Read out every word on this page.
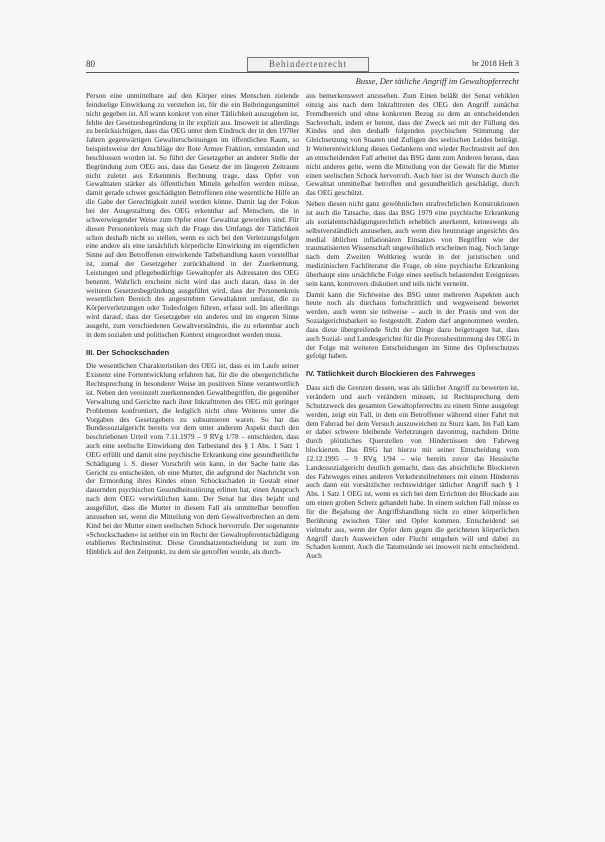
80	Behindertenrecht	br 2018 Heft 3
Busse, Der tätliche Angriff im Gewaltopferrecht

Person eine unmittelbare auf den Körper eines Menschen zielende feindselige Einwirkung zu verstehen ist, für die ein Beibringungsmittel nicht gegeben ist. All wann konkret von einer Tätlichkeit auszugehen ist, fehlte der Gesetzesbegründung in ihr explizit aus. Insoweit ist allerdings zu berücksichtigen, dass das OEG unter dem Eindruck der in den 1970er Jahren gegenwärtigen Gewalterscheinungen im öffentlichen Raum, so beispielsweise der Anschläge der Rote Armee Fraktion, entstanden und beschlossen worden ist. So führt der Gesetzgeber an anderer Stelle der Begründung zum OEG aus, dass das Gesetz der im längeren Zeitraum nicht zuletzt aus Erkenntnis Rechnung trage, dass Opfer von Gewalttaten stärker als öffentlichen Mitteln geholfen werden müsse, damit gerade schwer geschädigten Betroffenen eine wesentliche Hilfe an die Gabe der Gerechtigkeit zuteil werden könne. Damit lag der Fokus bei der Ausgestaltung des OEG erkennbar auf Menschen, die in schwerwiegender Weise zum Opfer einer Gewalttat geworden sind. Für diesen Personenkreis mag sich die Frage des Umfangs der Tätlichkeit schon deshalb nicht so stellen, wenn es sich bei den Verletzungsfolgen eine andere als eine tatsächlich körperliche Einwirkung im eigentlichen Sinne auf den Betroffenen einwirkende Tatbehandlung kaum vorstellbar ist, zumal der Gesetzgeber zurückhaltend in der Zuerkennung, Leistungen und pflegebedürftige Gewaltopfer als Adressaten des OEG benennt. Wahrlich erscheint nicht wird das auch daran, dass in der weiteren Gesetzesbegründung ausgeführt wird, dass der Personenkreis wesentlichen Bereich des angestrebten Gewaltakten umfasst, die zu Körperverletzungen oder Todesfolgen führen, erfasst soll. Im allerdings wird darauf, dass der Gesetzgeber ein anderes und im engeren Sinne ausgeht, zum verschiedenen Gewaltverständnis, die zu erkennbar auch in dem sozialen und politischen Kontext eingeordnet werden muss.

III. Der Schockschaden

Die wesentlichen Charakteristiken des OEG ist, dass es im Laufe seiner Existenz eine Fortentwicklung erfahren hat, für die die obergerichtliche Rechtsprechung in besonderer Weise im positiven Sinne verantwortlich ist. Neben den vereinzelt zuerkennenden Gewaltbegriffen, die gegenüber Verwaltung und Gerichte nach ihrer Inkrafttreten des OEG mit geringer Problemen konfrontiert, die lediglich nicht ohne Weiteres unter die Vorgaben des Gesetzgebers zu subsumieren waren. So hat das Bundessozialgericht bereits vor dem unter anderem Aspekt durch den beschriebenen Urteil vom 7.11.1979 – 9 RVg 1/78 – entschieden, dass auch eine seelische Einwirkung den Tatbestand des § 1 Abs. 1 Satz 1 OEG erfüllt und damit eine psychische Erkrankung eine gesundheitliche Schädigung i. S. dieser Vorschrift sein kann, in der Sache hatte das Gericht zu entscheiden, ob eine Mutter, die aufgrund der Nachricht von der Ermordung ihres Kindes einen Schockschaden in Gestalt einer dauernden psychischen Gesundheitsstörung erlitten hat, einen Anspruch nach dem OEG verwirklichen kann. Der Senat hat dies bejaht und ausgeführt, dass die Mutter in diesem Fall als unmittelbar betroffen anzusehen sei, wenn die Mitteilung von dem Gewaltverbrechen an dem Kind bei der Mutter einen seelischen Schock hervorrufe. Der sogenannte »Schockschaden« ist seither ein im Recht der Gewaltopferentschädigung etabliertes Rechtsinstitut. Diese Grundsatzentscheidung ist zum im Hinblick auf den Zeitpunkt, zu dem sie getroffen wurde, als durch-

aus bemerkenswert anzusehen. Zum Einen beläßt der Senat vehiklen einzig aus nach dem Inkrafttreten des OEG den Angriff zunächst Fremdbereich und ohne konkreten Bezug zu dem an entscheidenden Sachverhalt, indem er betont, dass der Zweck sei mit der Füllung des Kindes und den deshalb folgenden psychischen Stimmung der Gleichsetzung von Staaten und Zufügen des seelischen Leides beiträgt. Ir Weiterentwicklung dieses Gedankens und wieder Rechtsstreit auf den an entscheidenden Fall arbeitet das BSG dann zum Anderen heraus, dass nicht anderes gelte, wenn die Mitteilung von der Gewalt für die Mutter einen seelischen Schock hervorruft. Auch hier ist der Wunsch durch die Gewalttat unmittelbar betroffen und gesundheitlich geschädigt, durch das OEG geschützt.

Neben diesen nicht ganz gewöhnlichen strafrechtlichen Konstruktionen ist auch die Tatsache, dass das BSG 1979 eine psychische Erkrankung als sozialentschädigungsrechtlich erheblich anerkennt, keineswegs als selbstverständlich anzusehen, auch wenn dies heutzutage angesichts des medial üblichen inflationären Einsatzes von Begriffen wie der traumatisierten Wissenschaft ungewöhnlich erscheinen mag. Noch lange nach dem Zweiten Weltkrieg wurde in der juristischen und medizinischen Fachliteratur die Frage, ob eine psychische Erkrankung überhaupt eine ursächliche Folge eines seelisch belastenden Ereignisses sein kann, kontrovers diskutiert und teils nicht verneint.

Damit kann die Sichtweise des BSG unter mehreren Aspekten auch heute noch als durchaus fortschrittlich und wegweisend bewertet werden, auch wenn sie teilweise – auch in der Praxis und von der Sozialgerichtsbarkeit so festgestellt. Zudem darf angenommen werden, dass diese übergreifende Sicht der Dinge dazu beigetragen hat, dass auch Sozial- und Landesgerichte für die Prozessbestimmung des OEG in der Folge mit weiteren Entscheidungen im Sinne des Opferschutzes gefolgt haben.

IV. Tätlichkeit durch Blockieren des Fahrweges

Dass sich die Grenzen dessen, was als tätlicher Angriff zu bewerten ist, verändern und auch verändern müssen, ist Rechtsprechung dem Schutzzweck des gesamten Gewaltopferrechts zu einem Sinne ausgelegt werden, zeigt ein Fall, in dem ein Betroffener während einer Fahrt mit dem Fahrrad bei dem Versuch auszuweichen zu Sturz kam. Im Fall kam er dabei schwere bleibende Verletzungen davontrug, nachdem Dritte durch plötzliches Querstellen von Hindernissen den Fahrweg blockierten. Das BSG hat hierzu mit seiner Entscheidung vom 12.12.1995 – 9 RVg 1/94 – wie bereits zuvor das Hessische Landessozialgericht deutlich gemacht, dass das absichtliche Blockieren des Fahrweges eines anderen Verkehrsteilnehmers mit einem Hindernis auch dann ein vorsätzlicher rechtswidriger tätlicher Angriff nach § 1 Abs. 1 Satz 1 OEG ist, wenn es sich bei dem Errichten der Blockade aus um einen groben Scherz gehandelt habe. In einem solchen Fall müsse es für die Bejahung der Angriffshandlung nicht zu einer körperlichen Berührung zwischen Täter und Opfer kommen. Entscheidend sei vielmehr aus, wenn der Opfer dem gegen die gerichteten körperlichen Angriff durch Ausweichen oder Flucht entgehen will und dabei zu Schaden kommt. Auch die Tatumstände sei insoweit nicht entscheidend. Auch
